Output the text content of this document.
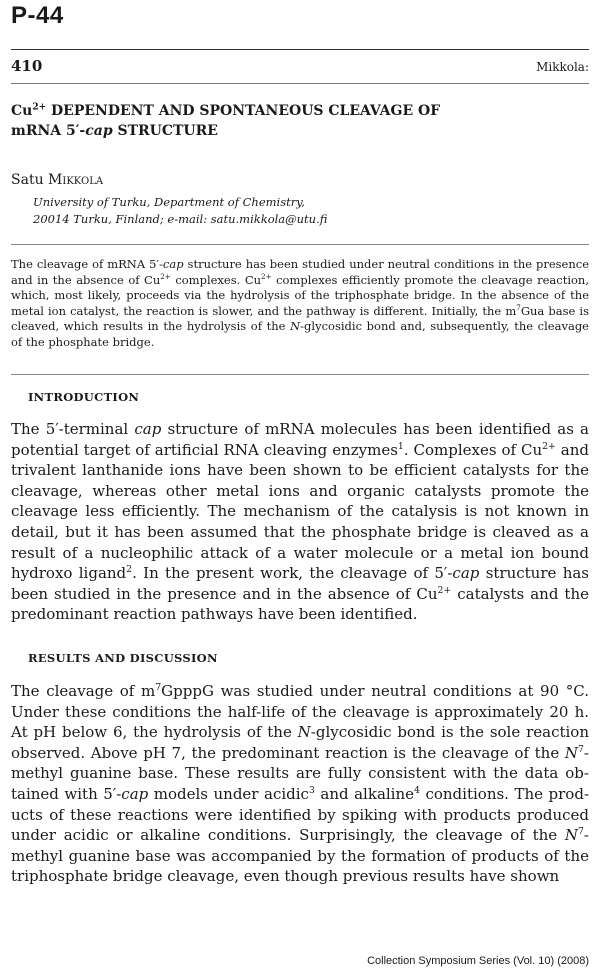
P-44
410	Mikkola:
$Cu^{2+}$ DEPENDENT AND SPONTANEOUS CLEAVAGE OF
mRNA 5′-cap STRUCTURE
Satu Mikkola
University of Turku, Department of Chemistry,
20014 Turku, Finland; e-mail: satu.mikkola@utu.fi

The cleavage of mRNA 5′-cap structure has been studied under neutral conditions in the presence and in the absence of $Cu^{2+}$ complexes. $Cu^{2+}$ complexes efficiently promote the cleavage reaction, which, most likely, proceeds via the hydrolysis of the triphosphate bridge. In the absence of the metal ion catalyst, the reaction is slower, and the pathway is different. Initially, the $m^7Gua$ base is cleaved, which results in the hydrolysis of the N-glycosidic bond and, subsequently, the cleavage of the phosphate bridge.

INTRODUCTION

The 5′-terminal cap structure of mRNA molecules has been identified as a potential target of artificial RNA cleaving enzymes$^1$. Complexes of $Cu^{2+}$ and trivalent lanthanide ions have been shown to be efficient catalysts for the cleavage, whereas other metal ions and organic catalysts promote the cleavage less efficiently. The mechanism of the catalysis is not known in detail, but it has been assumed that the phosphate bridge is cleaved as a result of a nucleophilic attack of a water molecule or a metal ion bound hydroxo ligand$^2$. In the present work, the cleavage of 5′-cap structure has been studied in the presence and in the absence of $Cu^{2+}$ catalysts and the predominant reaction pathways have been identified.

RESULTS AND DISCUSSION

The cleavage of $m^7GpppG$ was studied under neutral conditions at 90 °C. Under these conditions the half-life of the cleavage is approximately 20 h. At pH below 6, the hydrolysis of the N-glycosidic bond is the sole reaction observed. Above pH 7, the predominant reaction is the cleavage of the $N^7$-methyl guanine base. These results are fully consistent with the data obtained with 5′-cap models under acidic$^3$ and alkaline$^4$ conditions. The products of these reactions were identified by spiking with products produced under acidic or alkaline conditions. Surprisingly, the cleavage of the $N^7$-methyl guanine base was accompanied by the formation of products of the triphosphate bridge cleavage, even though previous results have shown

Collection Symposium Series (Vol. 10) (2008)
